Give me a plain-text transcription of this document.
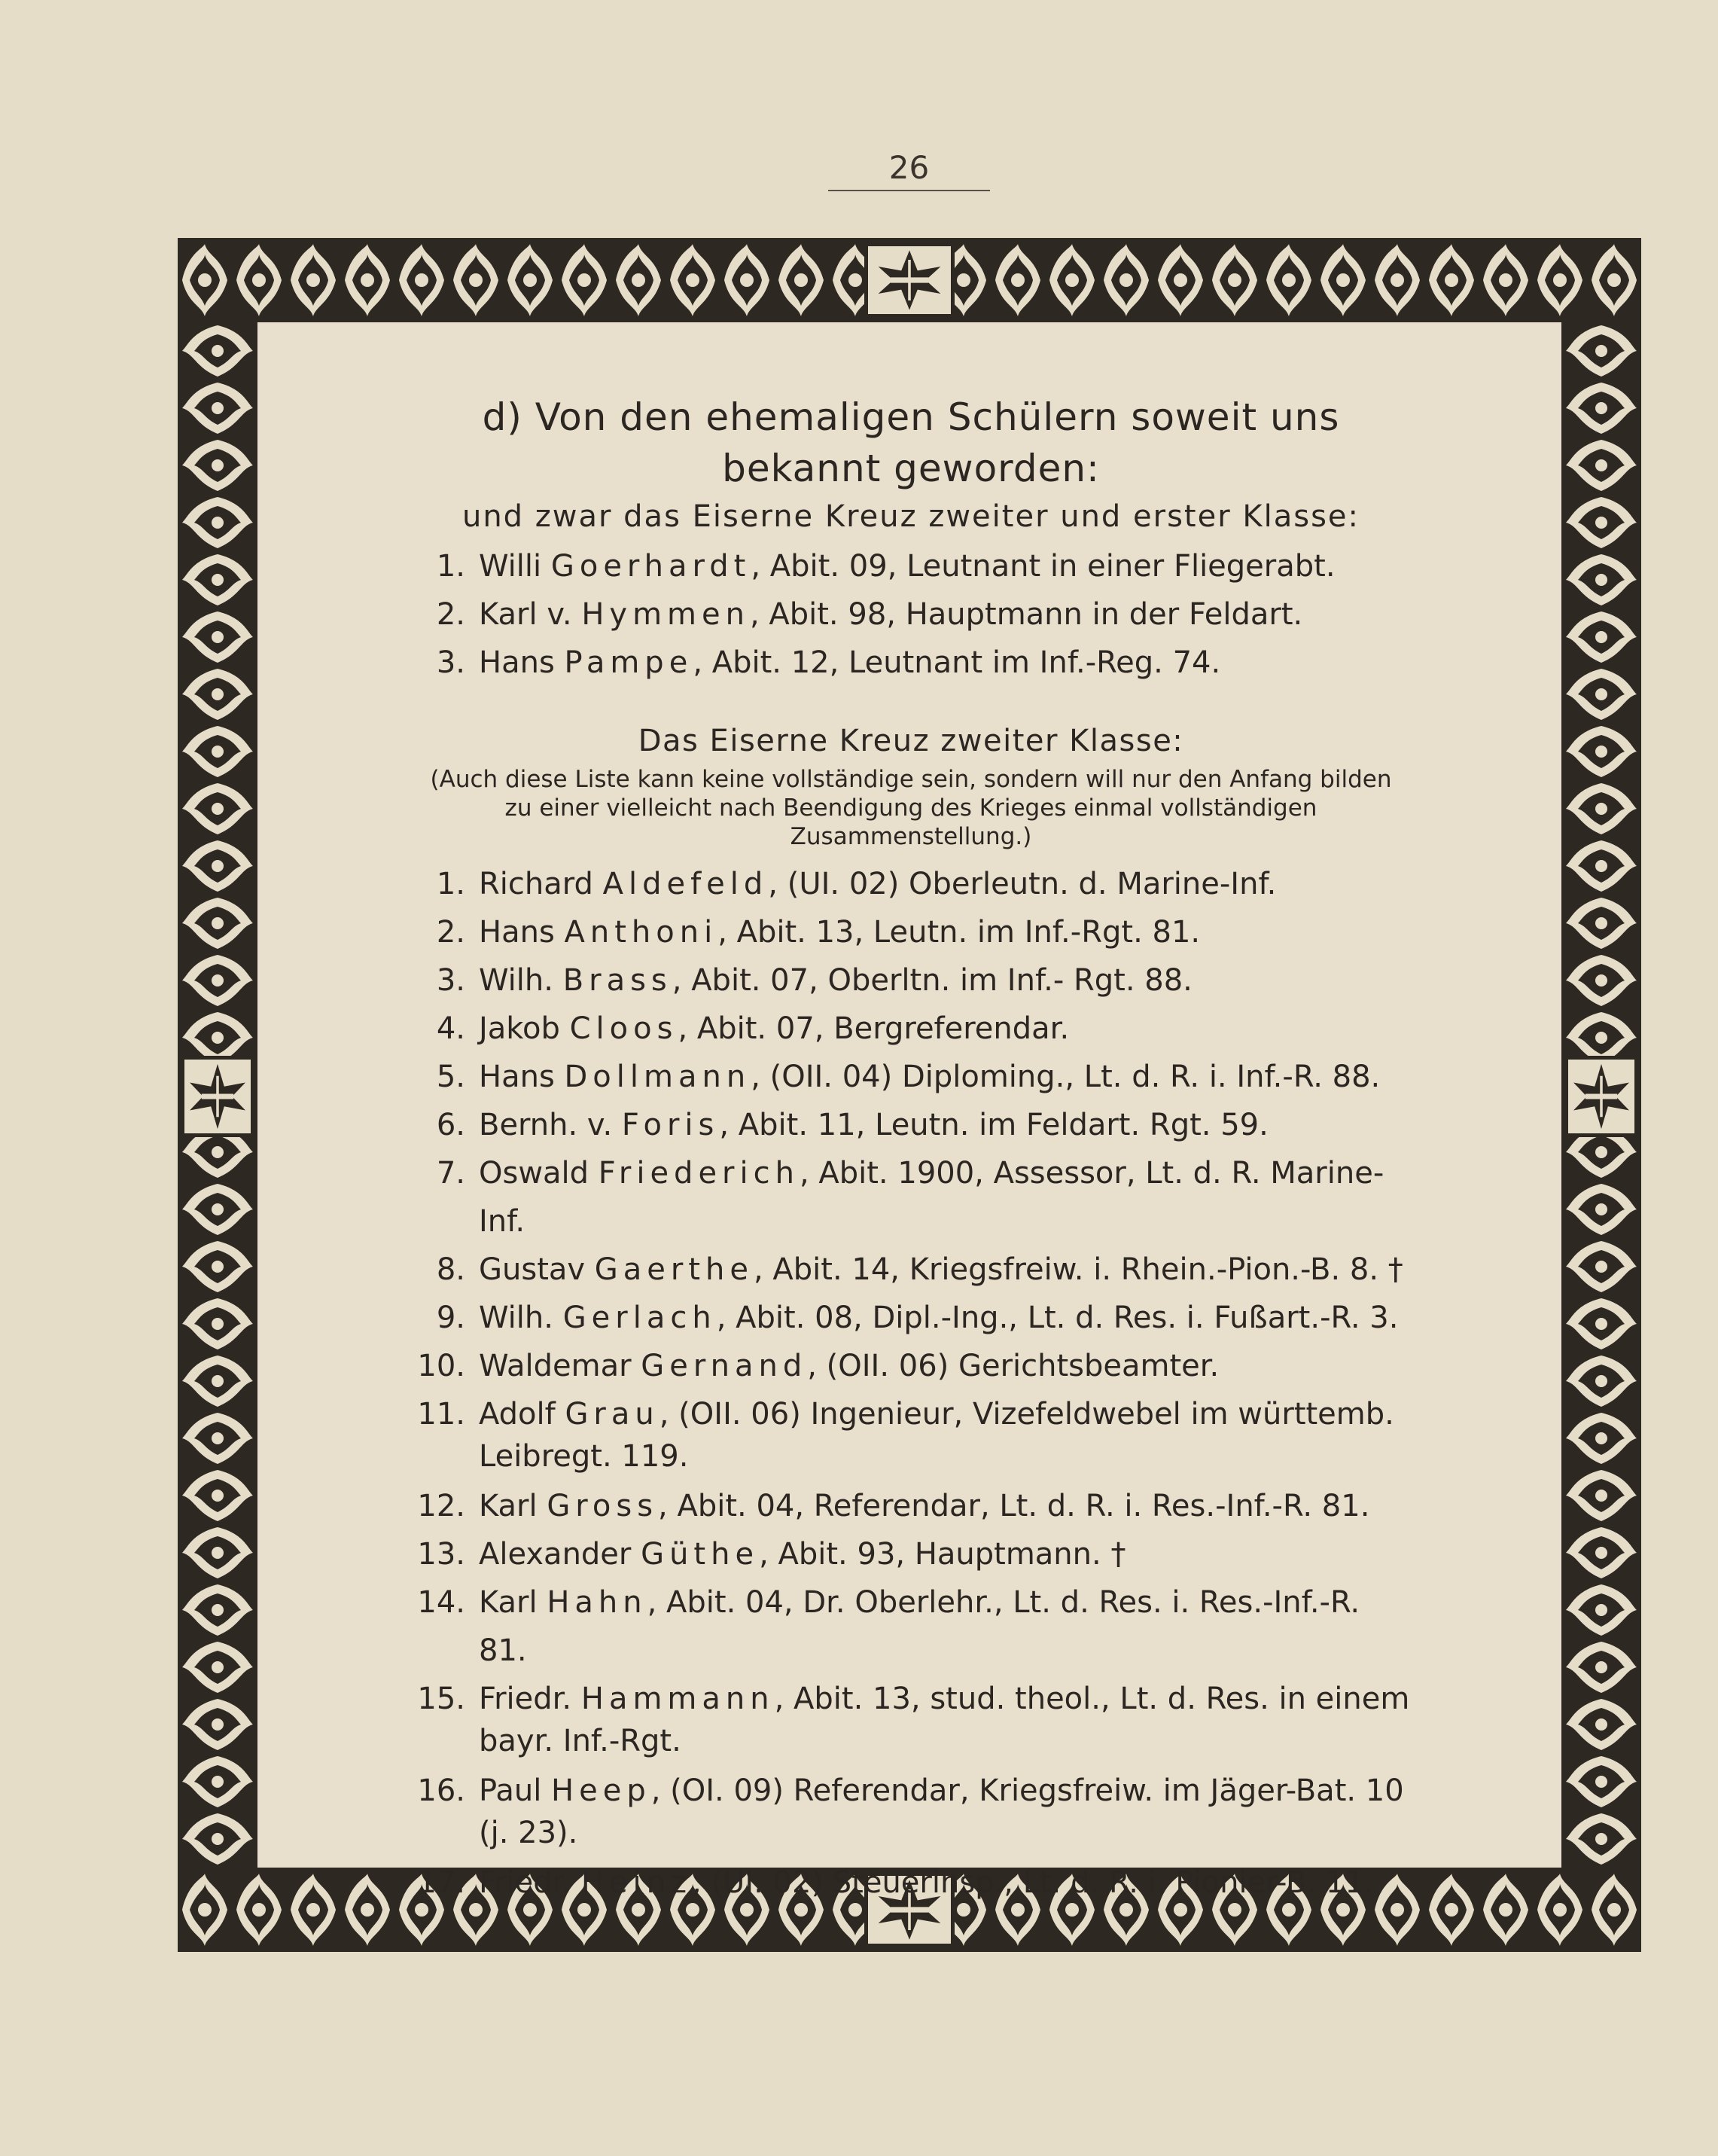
26

d) Von den ehemaligen Schülern soweit uns

bekannt geworden:

und zwar das Eiserne Kreuz zweiter und erster Klasse:

1. Willi Goerhardt, Abit. 09, Leutnant in einer Fliegerabt.
2. Karl v. Hymmen, Abit. 98, Hauptmann in der Feldart.
3. Hans Pampe, Abit. 12, Leutnant im Inf.-Reg. 74.

Das Eiserne Kreuz zweiter Klasse:

(Auch diese Liste kann keine vollständige sein, sondern will nur den Anfang bilden zu einer vielleicht nach Beendigung des Krieges einmal vollständigen Zusammenstellung.)

1. Richard Aldefeld, (UI. 02) Oberleutn. d. Marine-Inf.
2. Hans Anthoni, Abit. 13, Leutn. im Inf.-Rgt. 81.
3. Wilh. Brass, Abit. 07, Oberltn. im Inf.- Rgt. 88.
4. Jakob Cloos, Abit. 07, Bergreferendar.
5. Hans Dollmann, (OII. 04) Diploming., Lt. d. R. i. Inf.-R. 88.
6. Bernh. v. Foris, Abit. 11, Leutn. im Feldart. Rgt. 59.
7. Oswald Friederich, Abit. 1900, Assessor, Lt. d. R. Marine-Inf.
8. Gustav Gaerthe, Abit. 14, Kriegsfreiw. i. Rhein.-Pion.-B. 8. †
9. Wilh. Gerlach, Abit. 08, Dipl.-Ing., Lt. d. Res. i. Fußart.-R. 3.
10. Waldemar Gernand, (OII. 06) Gerichtsbeamter.
11. Adolf Grau, (OII. 06) Ingenieur, Vizefeldwebel im württemb. Leibregt. 119.
12. Karl Gross, Abit. 04, Referendar, Lt. d. R. i. Res.-Inf.-R. 81.
13. Alexander Güthe, Abit. 93, Hauptmann. †
14. Karl Hahn, Abit. 04, Dr. Oberlehr., Lt. d. Res. i. Res.-Inf.-R. 81.
15. Friedr. Hammann, Abit. 13, stud. theol., Lt. d. Res. in einem bayr. Inf.-Rgt.
16. Paul Heep, (OI. 09) Referendar, Kriegsfreiw. im Jäger-Bat. 10 (j. 23).
17. Friedr. Heinz, (UI. 02) Steuerinsp., Lt. d. R. i. Pionier-B. 11.
